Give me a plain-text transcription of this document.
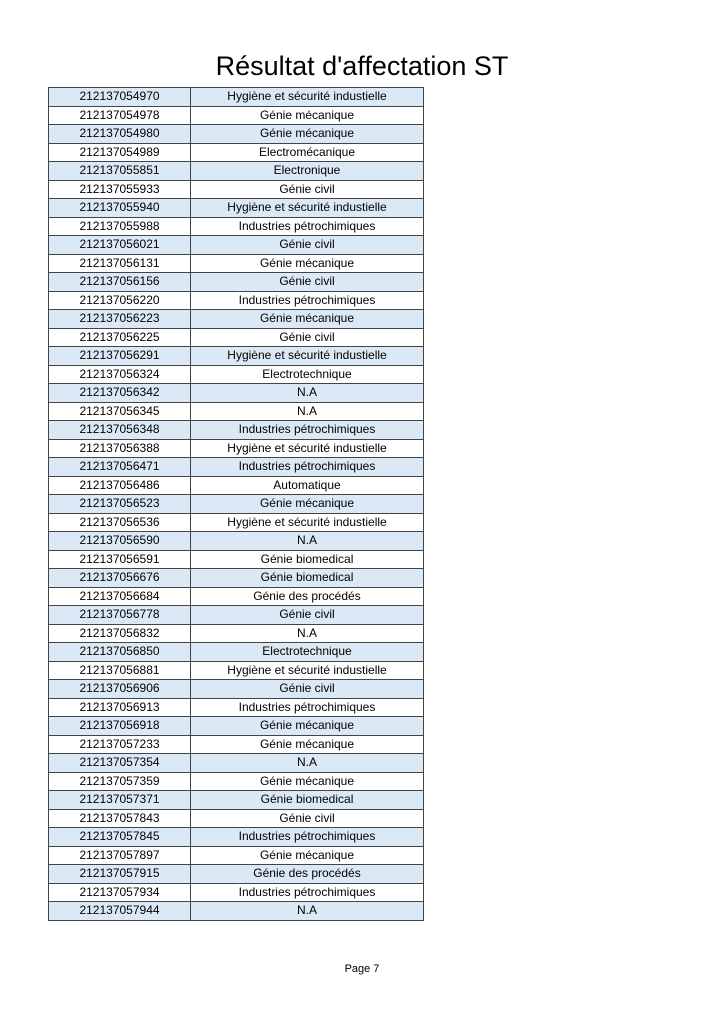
Résultat d'affectation ST
212137054970	Hygiène et sécurité industielle
212137054978	Génie mécanique
212137054980	Génie mécanique
212137054989	Electromécanique
212137055851	Electronique
212137055933	Génie civil
212137055940	Hygiène et sécurité industielle
212137055988	Industries pétrochimiques
212137056021	Génie civil
212137056131	Génie mécanique
212137056156	Génie civil
212137056220	Industries pétrochimiques
212137056223	Génie mécanique
212137056225	Génie civil
212137056291	Hygiène et sécurité industielle
212137056324	Electrotechnique
212137056342	N.A
212137056345	N.A
212137056348	Industries pétrochimiques
212137056388	Hygiène et sécurité industielle
212137056471	Industries pétrochimiques
212137056486	Automatique
212137056523	Génie mécanique
212137056536	Hygiène et sécurité industielle
212137056590	N.A
212137056591	Génie biomedical
212137056676	Génie biomedical
212137056684	Génie des procédés
212137056778	Génie civil
212137056832	N.A
212137056850	Electrotechnique
212137056881	Hygiène et sécurité industielle
212137056906	Génie civil
212137056913	Industries pétrochimiques
212137056918	Génie mécanique
212137057233	Génie mécanique
212137057354	N.A
212137057359	Génie mécanique
212137057371	Génie biomedical
212137057843	Génie civil
212137057845	Industries pétrochimiques
212137057897	Génie mécanique
212137057915	Génie des procédés
212137057934	Industries pétrochimiques
212137057944	N.A
Page 7
